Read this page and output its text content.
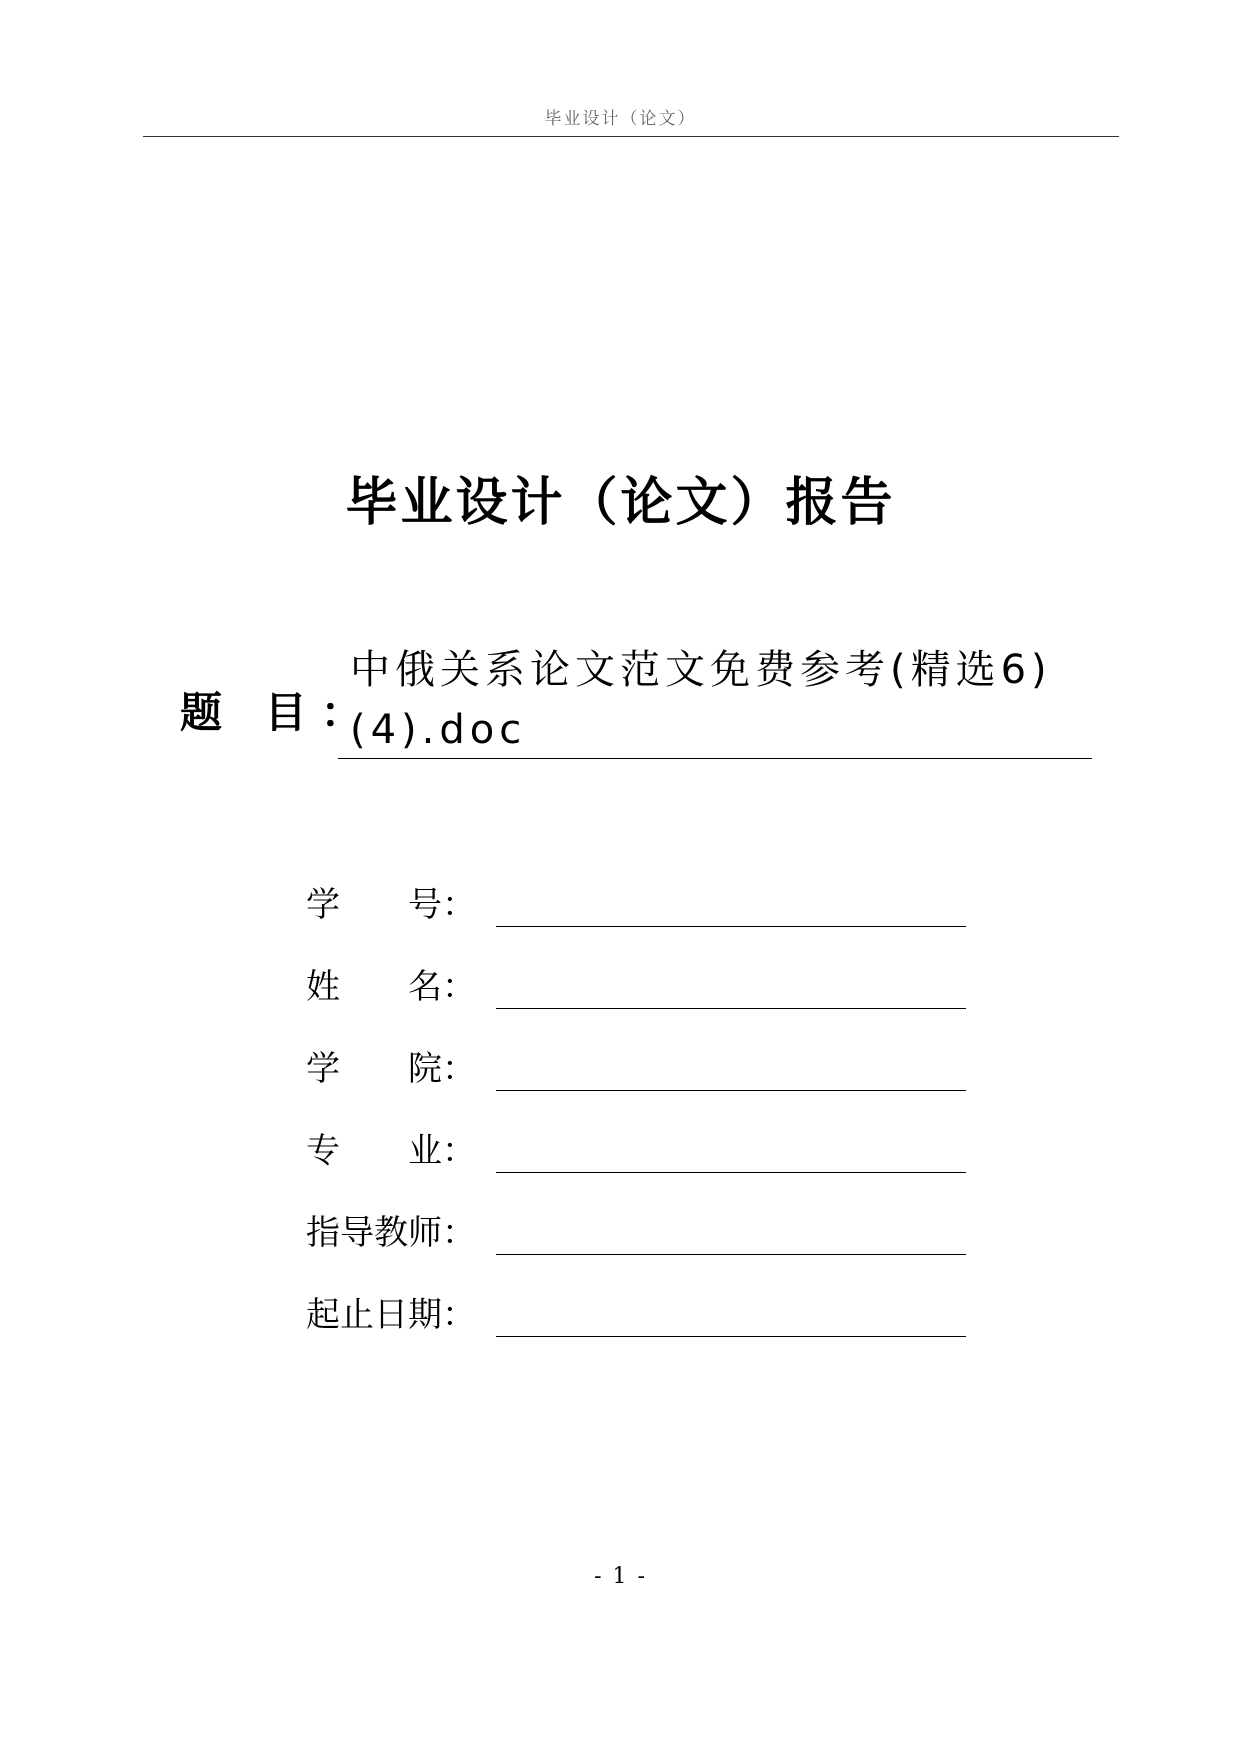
毕业设计（论文）
毕业设计（论文）报告
题 目：
中俄关系论文范文免费参考(精选6)(4).doc
学　　号：
姓　　名：
学　　院：
专　　业：
指导教师：
起止日期：
- 1 -
